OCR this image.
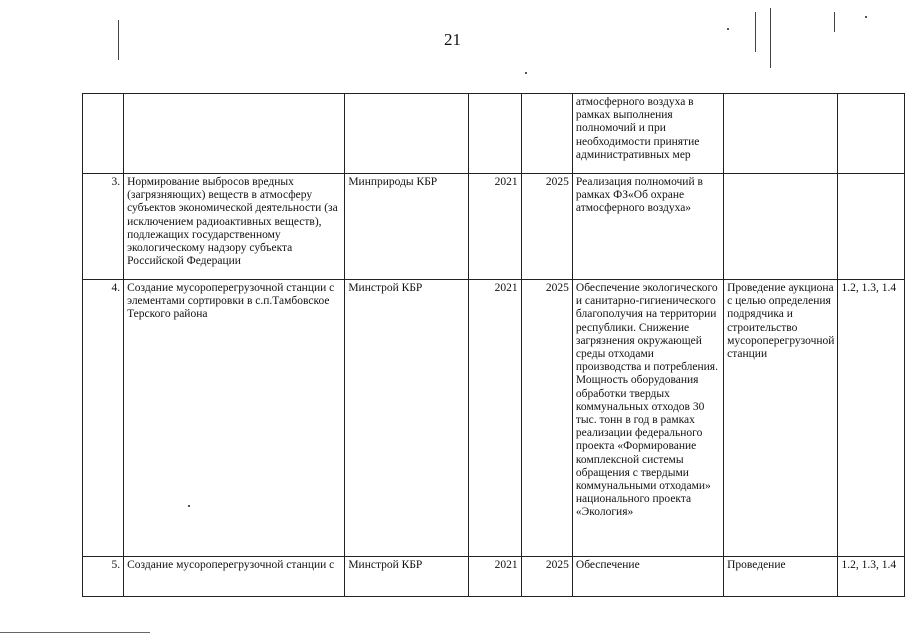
21
					атмосферного воздуха в рамках выполнения полномочий и при необходимости принятие административных мер		
3.	Нормирование выбросов вредных (загрязняющих) веществ в атмосферу субъектов экономической деятельности (за исключением радиоактивных веществ), подлежащих государственному экологическому надзору субъекта Российской Федерации	Минприроды КБР	2021	2025	Реализация полномочий в рамках ФЗ«Об охране атмосферного воздуха»		
4.	Создание мусороперегрузочной станции с элементами сортировки в с.п.Тамбовское Терского района	Минстрой КБР	2021	2025	Обеспечение экологического и санитарно-гигиенического благополучия на территории республики. Снижение загрязнения окружающей среды отходами производства и потребления. Мощность оборудования обработки твердых коммунальных отходов 30 тыс. тонн в год в рамках реализации федерального проекта «Формирование комплексной системы обращения с твердыми коммунальными отходами» национального проекта «Экология»	Проведение аукциона с целью определения подрядчика и строительство мусороперегрузочной станции	1.2, 1.3, 1.4
5.	Создание мусороперегрузочной станции с	Минстрой КБР	2021	2025	Обеспечение	Проведение	1.2, 1.3, 1.4
